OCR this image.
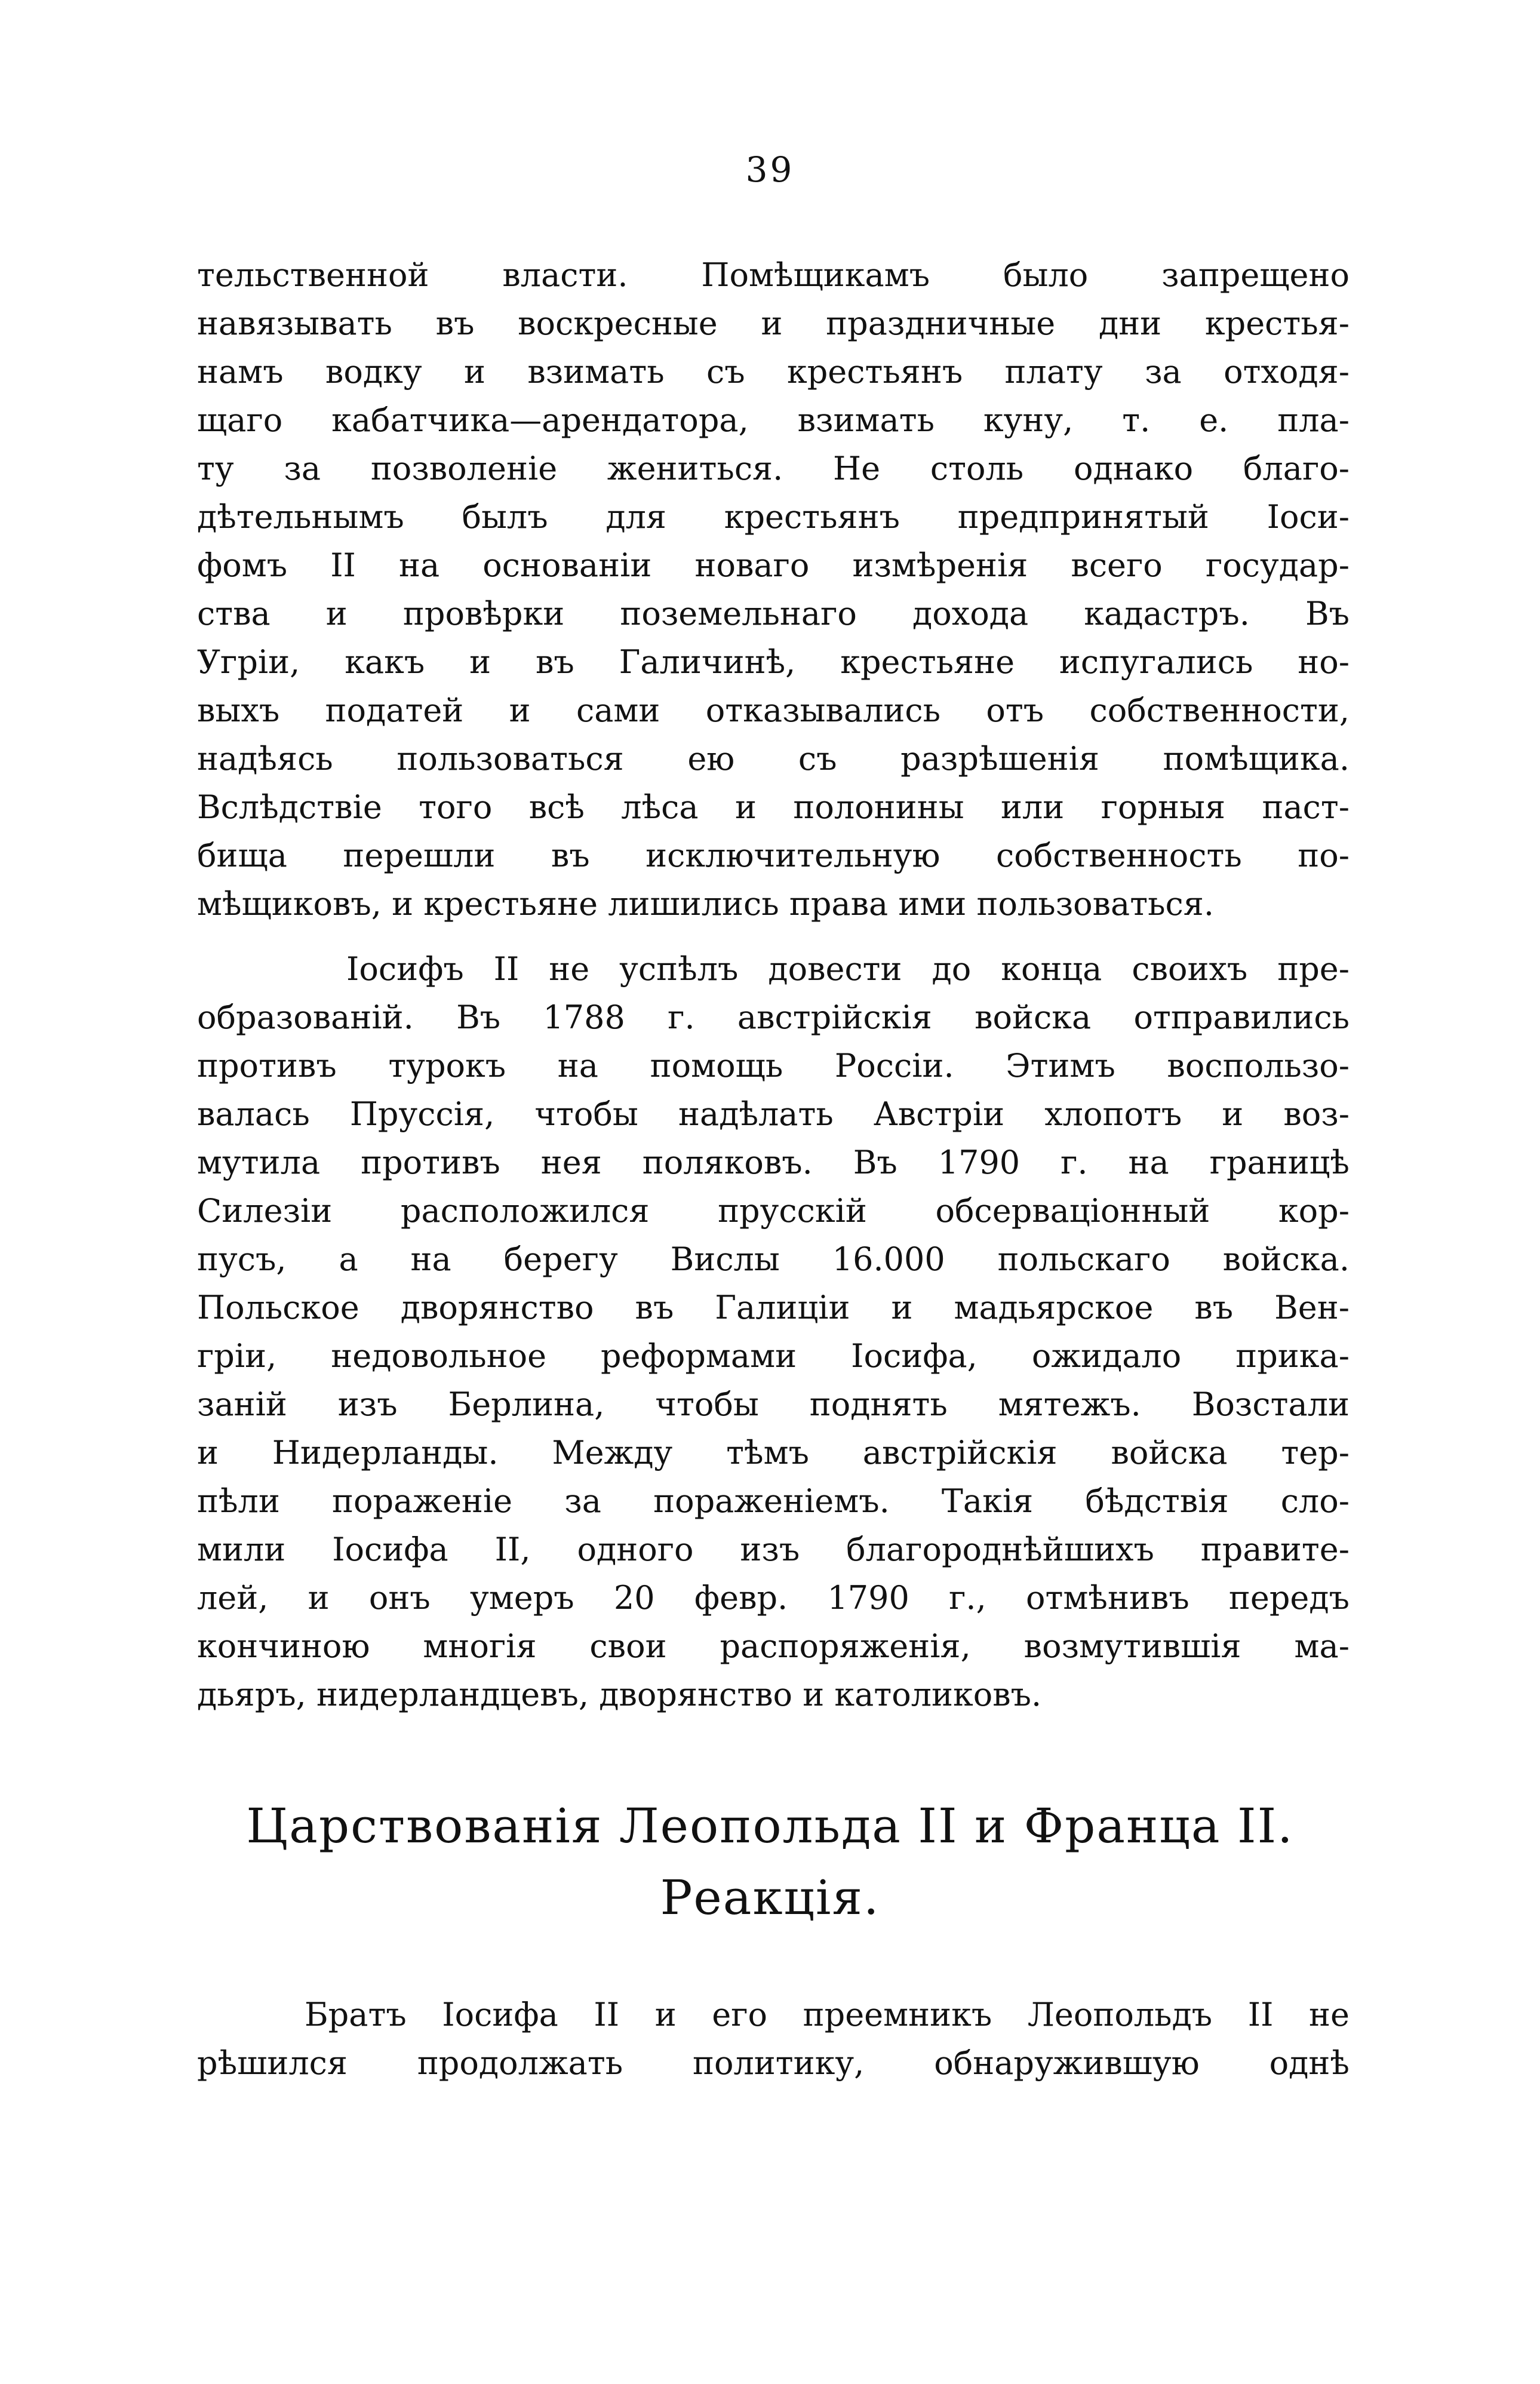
39
тельственной власти. Помѣщикамъ было запрещено
навязывать въ воскресные и праздничные дни крестья-
намъ водку и взимать съ крестьянъ плату за отходя-
щаго кабатчика—арендатора, взимать куну, т. е. пла-
ту за позволеніе жениться. Не столь однако благо-
дѣтельнымъ былъ для крестьянъ предпринятый Іоси-
фомъ II на основаніи новаго измѣренія всего государ-
ства и провѣрки поземельнаго дохода кадастръ. Въ
Угріи, какъ и въ Галичинѣ, крестьяне испугались но-
выхъ податей и сами отказывались отъ собственности,
надѣясь пользоваться ею съ разрѣшенія помѣщика.
Вслѣдствіе того всѣ лѣса и полонины или горныя паст-
бища перешли въ исключительную собственность по-
мѣщиковъ, и крестьяне лишились права ими пользоваться.
Іосифъ II не успѣлъ довести до конца своихъ пре-
образованій. Въ 1788 г. австрійскія войска отправились
противъ турокъ на помощь Россіи. Этимъ воспользо-
валась Пруссія, чтобы надѣлать Австріи хлопотъ и воз-
мутила противъ нея поляковъ. Въ 1790 г. на границѣ
Силезіи расположился прусскій обсерваціонный кор-
пусъ, а на берегу Вислы 16.000 польскаго войска.
Польское дворянство въ Галиціи и мадьярское въ Вен-
гріи, недовольное реформами Іосифа, ожидало прика-
заній изъ Берлина, чтобы поднять мятежъ. Возстали
и Нидерланды. Между тѣмъ австрійскія войска тер-
пѣли пораженіе за пораженіемъ. Такія бѣдствія сло-
мили Іосифа II, одного изъ благороднѣйшихъ правите-
лей, и онъ умеръ 20 февр. 1790 г., отмѣнивъ передъ
кончиною многія свои распоряженія, возмутившія ма-
дьяръ, нидерландцевъ, дворянство и католиковъ.
Царствованія Леопольда II и Франца II.
Реакція.
Братъ Іосифа II и его преемникъ Леопольдъ II не
рѣшился продолжать политику, обнаружившую однѣ
